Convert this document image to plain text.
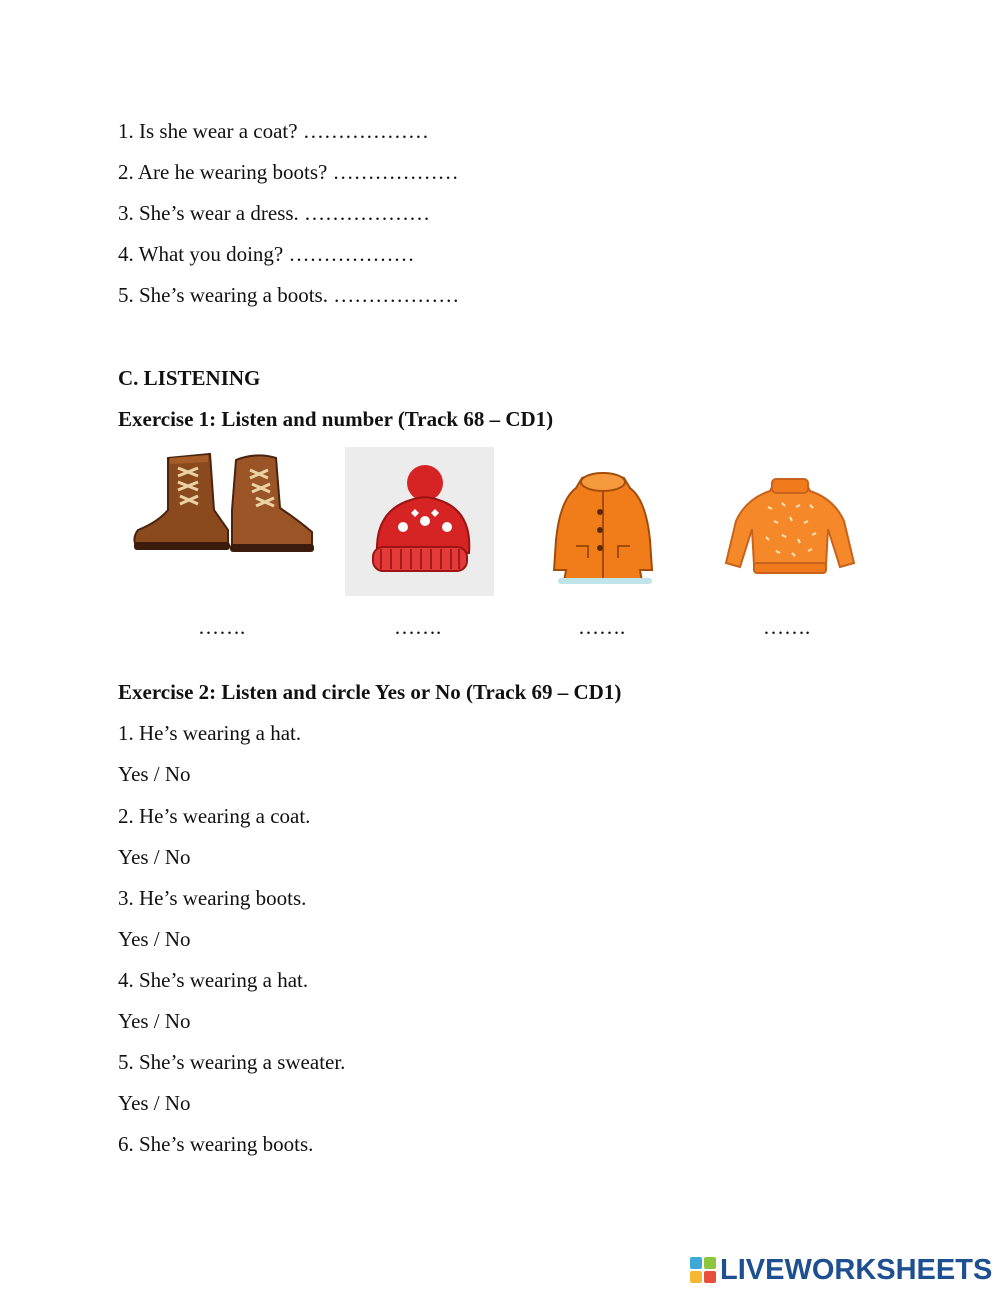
1. Is she wear a coat? ………………
2. Are he wearing boots? ………………
3. She’s wear a dress. ………………
4. What you doing? ………………
5. She’s wearing a boots. ………………
C. LISTENING
Exercise 1: Listen and number (Track 68 – CD1)
…….	…….	…….	…….
Exercise 2: Listen and circle Yes or No (Track 69 – CD1)
1. He’s wearing a hat.
Yes / No
2. He’s wearing a coat.
Yes / No
3. He’s wearing boots.
Yes / No
4. She’s wearing a hat.
Yes / No
5. She’s wearing a sweater.
Yes / No
6. She’s wearing boots.
LIVEWORKSHEETS
